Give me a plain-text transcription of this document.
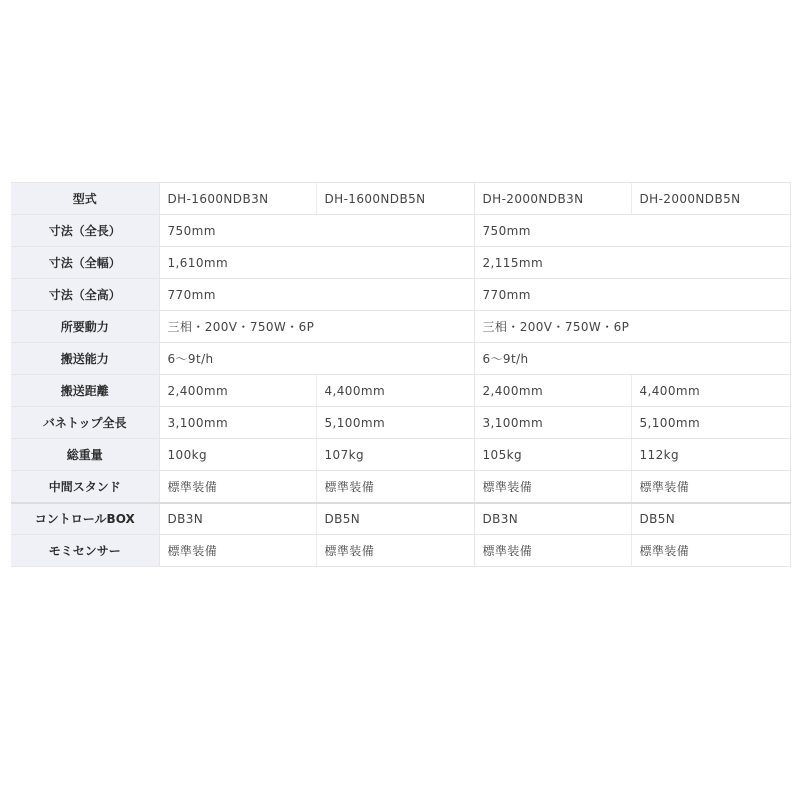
型式	DH-1600NDB3N	DH-1600NDB5N	DH-2000NDB3N	DH-2000NDB5N
寸法（全長）	750mm		750mm	
寸法（全幅）	1,610mm		2,115mm	
寸法（全高）	770mm		770mm	
所要動力	三相・200V・750W・6P		三相・200V・750W・6P	
搬送能力	6～9t/h		6～9t/h	
搬送距離	2,400mm	4,400mm	2,400mm	4,400mm
バネトップ全長	3,100mm	5,100mm	3,100mm	5,100mm
総重量	100kg	107kg	105kg	112kg
中間スタンド	標準装備	標準装備	標準装備	標準装備
コントロールBOX	DB3N	DB5N	DB3N	DB5N
モミセンサー	標準装備	標準装備	標準装備	標準装備
